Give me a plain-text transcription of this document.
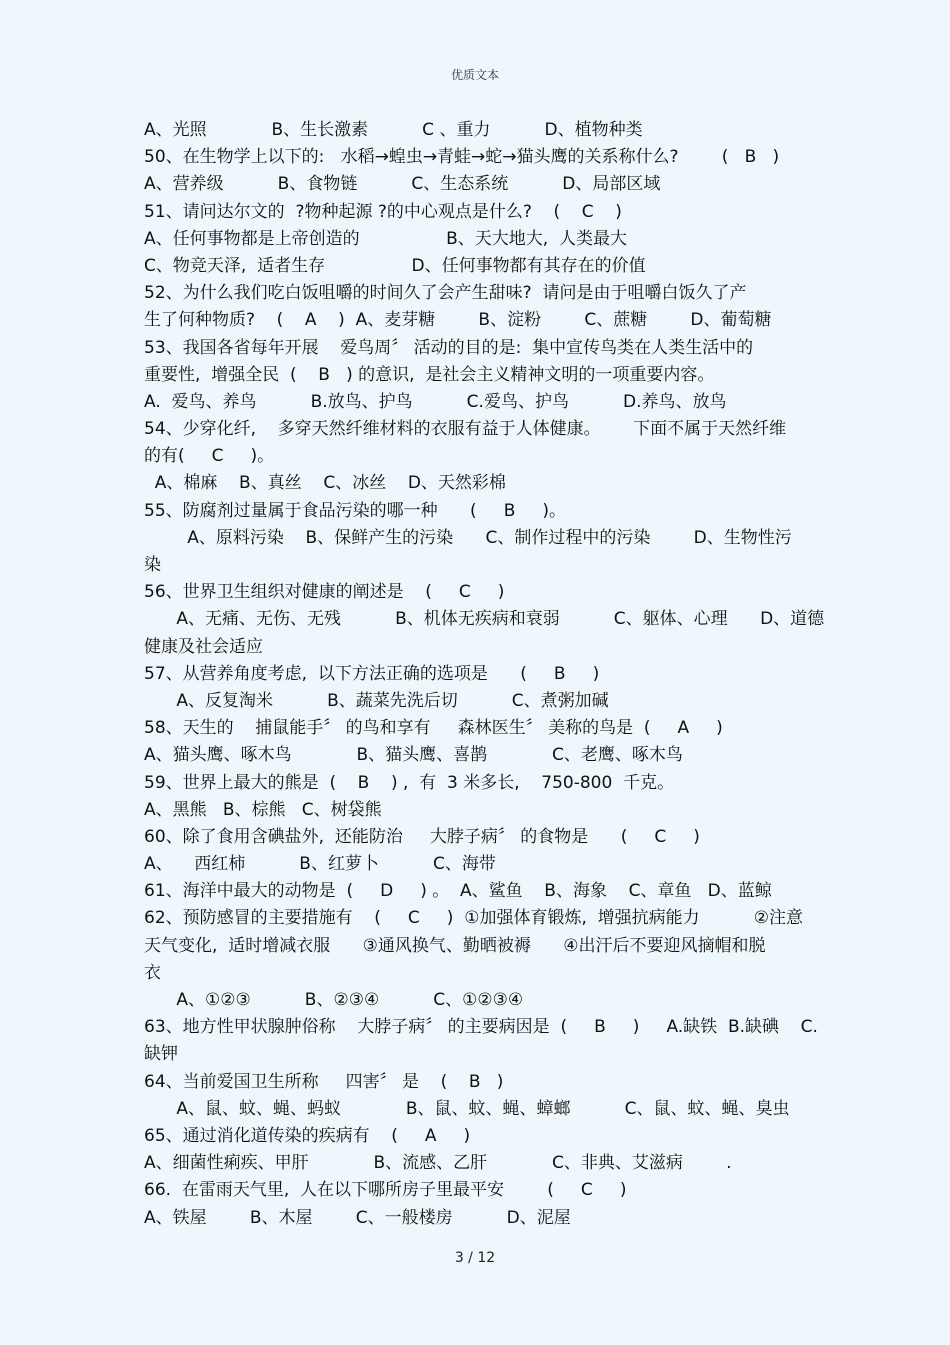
优质文本
A、光照            B、生长激素          C 、重力          D、植物种类
50、在生物学上以下的:   水稻→蝗虫→青蛙→蛇→猫头鹰的关系称什么?        (   B   )
A、营养级          B、食物链          C、生态系统          D、局部区域
51、请问达尔文的  ?物种起源 ?的中心观点是什么?    (    C    )
A、任何事物都是上帝创造的                B、天大地大,  人类最大
C、物竞天泽,  适者生存                D、任何事物都有其存在的价值
52、为什么我们吃白饭咀嚼的时间久了会产生甜味?  请问是由于咀嚼白饭久了产
生了何种物质?    (    A    )  A、麦芽糖        B、淀粉        C、蔗糖        D、葡萄糖
53、我国各省每年开展    爱鸟周〞 活动的目的是:  集中宣传鸟类在人类生活中的
重要性,  增强全民  (    B   ) 的意识,  是社会主义精神文明的一项重要内容。
A.  爱鸟、养鸟          B.放鸟、护鸟          C.爱鸟、护鸟          D.养鸟、放鸟
54、少穿化纤,    多穿天然纤维材料的衣服有益于人体健康。      下面不属于天然纤维
的有(     C     )。
A、棉麻    B、真丝    C、冰丝    D、天然彩棉
55、防腐剂过量属于食品污染的哪一种      (     B     )。
A、原料污染    B、保鲜产生的污染      C、制作过程中的污染        D、生物性污
染
56、世界卫生组织对健康的阐述是    (     C     )
A、无痛、无伤、无残          B、机体无疾病和衰弱          C、躯体、心理      D、道德
健康及社会适应
57、从营养角度考虑,  以下方法正确的选项是      (     B     )
A、反复淘米          B、蔬菜先洗后切          C、煮粥加碱
58、天生的    捕鼠能手〞 的鸟和享有     森林医生〞 美称的鸟是  (     A     )
A、猫头鹰、啄木鸟            B、猫头鹰、喜鹊            C、老鹰、啄木鸟
59、世界上最大的熊是  (    B    ) ,  有  3 米多长,    750-800  千克。
A、黑熊   B、棕熊   C、树袋熊
60、除了食用含碘盐外,  还能防治     大脖子病〞 的食物是      (     C     )
A、    西红柿          B、红萝卜          C、海带
61、海洋中最大的动物是  (     D     ) 。  A、鲨鱼    B、海象    C、章鱼   D、蓝鲸
62、预防感冒的主要措施有    (     C     )  ①加强体育锻炼,  增强抗病能力          ②注意
天气变化,  适时增减衣服      ③通风换气、勤晒被褥      ④出汗后不要迎风摘帽和脱
衣
A、①②③          B、②③④          C、①②③④
63、地方性甲状腺肿俗称    大脖子病〞 的主要病因是  (     B     )     A.缺铁  B.缺碘    C.
缺钾
64、当前爱国卫生所称     四害〞 是    (    B   )
A、鼠、蚊、蝇、蚂蚁            B、鼠、蚊、蝇、蟑螂          C、鼠、蚊、蝇、臭虫
65、通过消化道传染的疾病有    (     A     )
A、细菌性痢疾、甲肝            B、流感、乙肝            C、非典、艾滋病        .
66.  在雷雨天气里,  人在以下哪所房子里最平安        (     C     )
A、铁屋        B、木屋        C、一般楼房          D、泥屋
3 / 12
